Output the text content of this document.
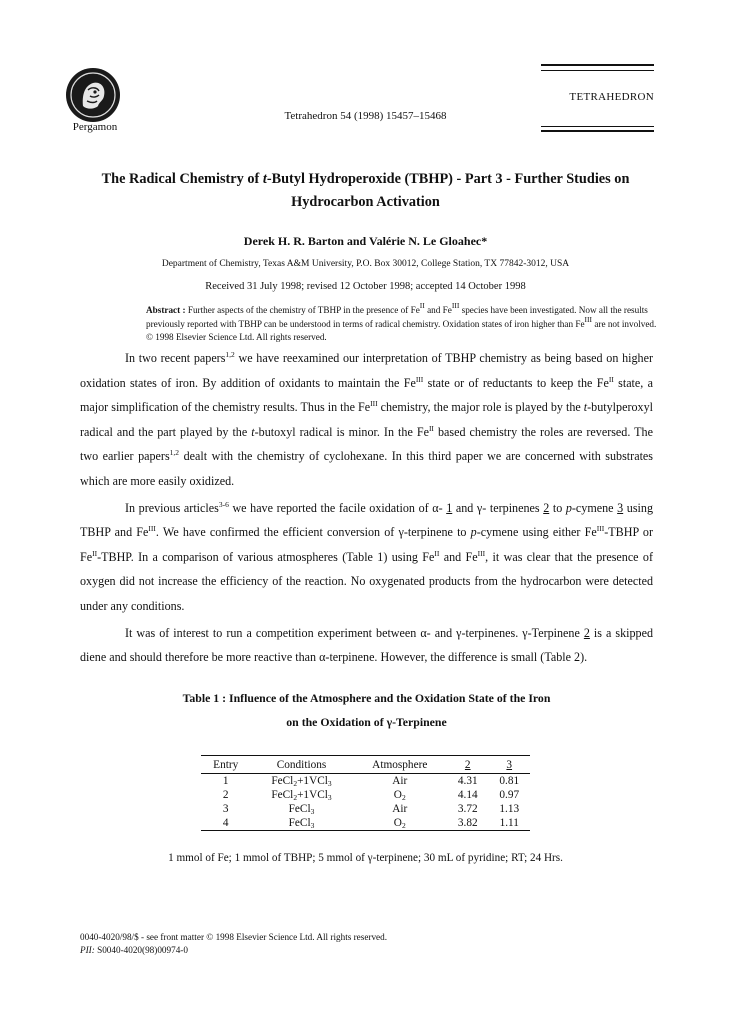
Pergamon
Tetrahedron 54 (1998) 15457–15468
TETRAHEDRON
The Radical Chemistry of t-Butyl Hydroperoxide (TBHP) - Part 3 - Further Studies on
Hydrocarbon Activation
Derek H. R. Barton and Valérie N. Le Gloahec*
Department of Chemistry, Texas A&M University, P.O. Box 30012, College Station, TX 77842-3012, USA
Received 31 July 1998; revised 12 October 1998; accepted 14 October 1998
Abstract : Further aspects of the chemistry of TBHP in the presence of $Fe^{II}$ and $Fe^{III}$ species have been investigated. Now all the results previously reported with TBHP can be understood in terms of radical chemistry. Oxidation states of iron higher than $Fe^{III}$ are not involved. © 1998 Elsevier Science Ltd. All rights reserved.

In two recent papers$^{1,2}$ we have reexamined our interpretation of TBHP chemistry as being based on higher oxidation states of iron. By addition of oxidants to maintain the $Fe^{III}$ state or of reductants to keep the $Fe^{II}$ state, a major simplification of the chemistry results. Thus in the $Fe^{III}$ chemistry, the major role is played by the t-butylperoxyl radical and the part played by the t-butoxyl radical is minor. In the $Fe^{II}$ based chemistry the roles are reversed. The two earlier papers$^{1,2}$ dealt with the chemistry of cyclohexane. In this third paper we are concerned with substrates which are more easily oxidized.

In previous articles$^{3-6}$ we have reported the facile oxidation of α- 1 and γ- terpinenes 2 to p-cymene 3 using TBHP and $Fe^{III}$. We have confirmed the efficient conversion of γ-terpinene to p-cymene using either $Fe^{III}$-TBHP or $Fe^{II}$-TBHP. In a comparison of various atmospheres (Table 1) using $Fe^{II}$ and $Fe^{III}$, it was clear that the presence of oxygen did not increase the efficiency of the reaction. No oxygenated products from the hydrocarbon were detected under any conditions.

It was of interest to run a competition experiment between α- and γ-terpinenes. γ-Terpinene 2 is a skipped diene and should therefore be more reactive than α-terpinene. However, the difference is small (Table 2).

Table 1 : Influence of the Atmosphere and the Oxidation State of the Iron
on the Oxidation of γ-Terpinene
Entry	Conditions	Atmosphere	2	3
1	FeCl$_2$+1VCl$_3$	Air	4.31	0.81
2	FeCl$_2$+1VCl$_3$	$O_2$	4.14	0.97
3	FeCl$_3$	Air	3.72	1.13
4	FeCl$_3$	$O_2$	3.82	1.11
1 mmol of Fe; 1 mmol of TBHP; 5 mmol of γ-terpinene; 30 mL of pyridine; RT; 24 Hrs.
0040-4020/98/$ - see front matter © 1998 Elsevier Science Ltd. All rights reserved.
PII: S0040-4020(98)00974-0
